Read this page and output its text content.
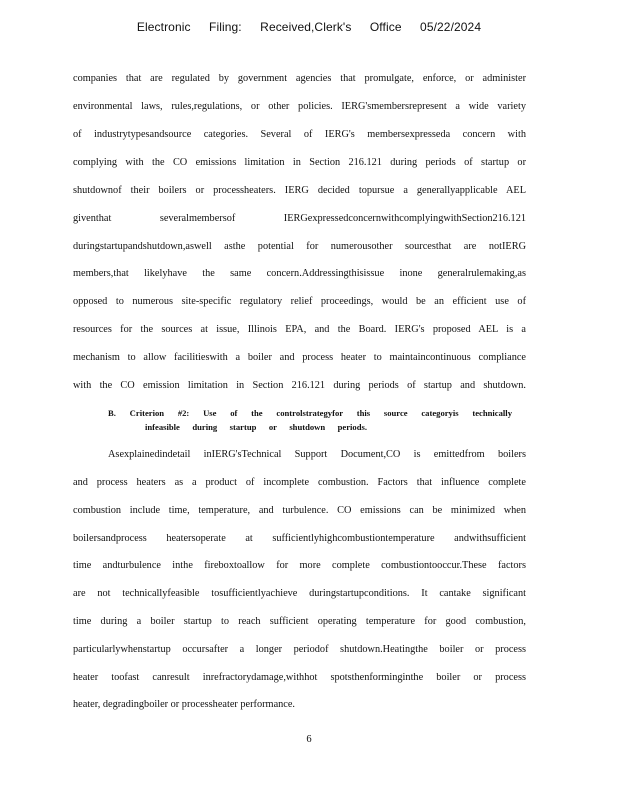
Electronic Filing: Received,Clerk's Office 05/22/2024
companies that are regulated by government agencies that promulgate, enforce, or administer
environmental laws, rules,regulations, or other policies. IERG'smembersrepresent a wide variety
of industrytypesandsource categories. Several of IERG's membersexpresseda concern with
complying with the CO emissions limitation in Section 216.121 during periods of startup or
shutdownof their boilers or processheaters. IERG decided topursue a generallyapplicable AEL
giventhat severalmembersof IERGexpressedconcernwithcomplyingwithSection216.121
duringstartupandshutdown,aswell asthe potential for numerousother sourcesthat are notIERG
members,that likelyhave the same concern.Addressingthisissue inone generalrulemaking,as
opposed to numerous site-specific regulatory relief proceedings, would be an efficient use of
resources for the sources at issue, Illinois EPA, and the Board. IERG's proposed AEL is a
mechanism to allow facilitieswith a boiler and process heater to maintaincontinuous compliance
with the CO emission limitation in Section 216.121 during periods of startup and shutdown.
B. Criterion #2: Use of the controlstrategyfor this source categoryis technically
infeasible during startup or shutdown periods.
Asexplainedindetail inIERG'sTechnical Support Document,CO is emittedfrom boilers
and process heaters as a product of incomplete combustion. Factors that influence complete
combustion include time, temperature, and turbulence. CO emissions can be minimized when
boilersandprocess heatersoperate at sufficientlyhighcombustiontemperature andwithsufficient
time andturbulence inthe fireboxtoallow for more complete combustiontooccur.These factors
are not technicallyfeasible tosufficientlyachieve duringstartupconditions. It cantake significant
time during a boiler startup to reach sufficient operating temperature for good combustion,
particularlywhenstartup occursafter a longer periodof shutdown.Heatingthe boiler or process
heater toofast canresult inrefractorydamage,withhot spotsthenforminginthe boiler or process
heater, degradingboiler or processheater performance.
6
